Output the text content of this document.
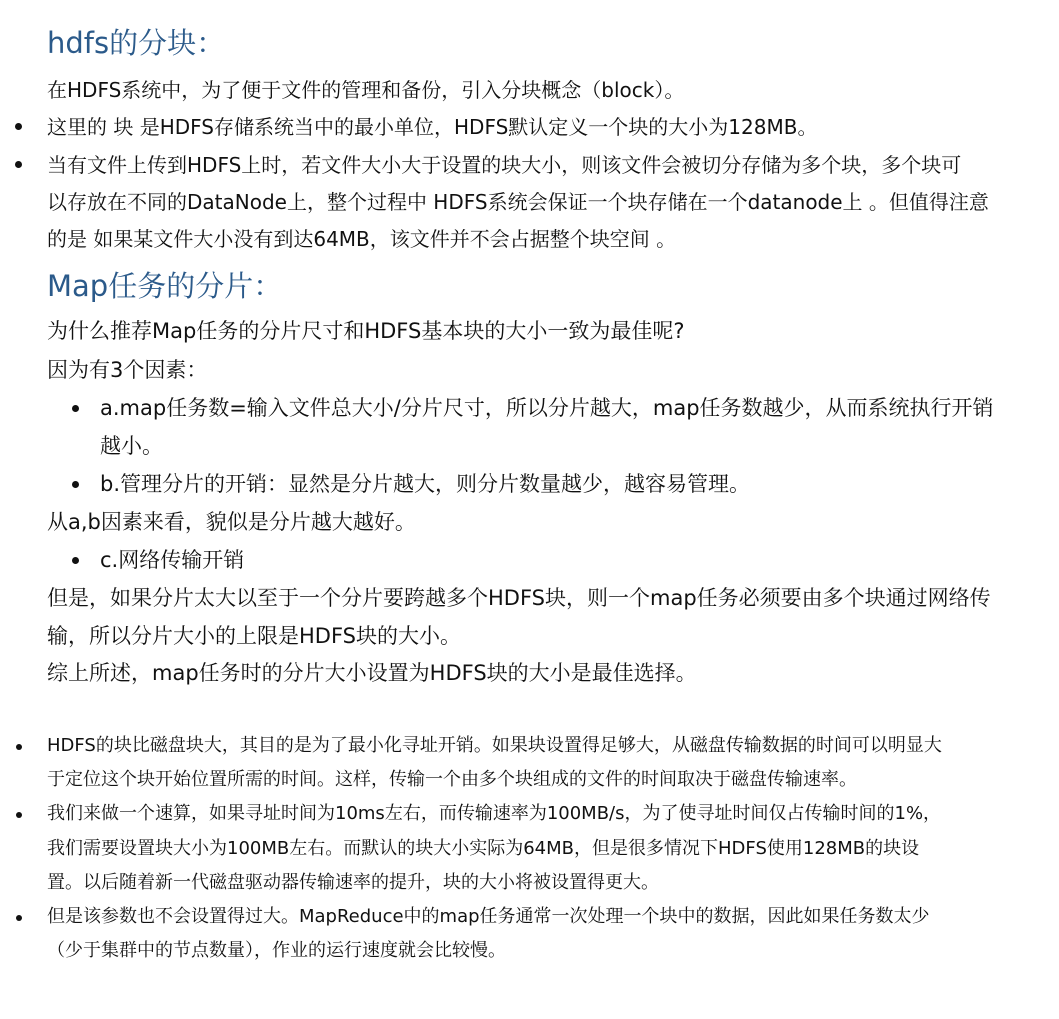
hdfs的分块：
在HDFS系统中，为了便于文件的管理和备份，引入分块概念（block）。
这里的 块 是HDFS存储系统当中的最小单位，HDFS默认定义一个块的大小为128MB。
当有文件上传到HDFS上时，若文件大小大于设置的块大小，则该文件会被切分存储为多个块，多个块可
以存放在不同的DataNode上，整个过程中 HDFS系统会保证一个块存储在一个datanode上 。但值得注意
的是 如果某文件大小没有到达64MB，该文件并不会占据整个块空间 。
Map任务的分片：
为什么推荐Map任务的分片尺寸和HDFS基本块的大小一致为最佳呢?
因为有3个因素：
a.map任务数=输入文件总大小/分片尺寸，所以分片越大，map任务数越少，从而系统执行开销
越小。
b.管理分片的开销：显然是分片越大，则分片数量越少，越容易管理。
从a,b因素来看，貌似是分片越大越好。
c.网络传输开销
但是，如果分片太大以至于一个分片要跨越多个HDFS块，则一个map任务必须要由多个块通过网络传
输，所以分片大小的上限是HDFS块的大小。
综上所述，map任务时的分片大小设置为HDFS块的大小是最佳选择。
HDFS的块比磁盘块大，其目的是为了最小化寻址开销。如果块设置得足够大，从磁盘传输数据的时间可以明显大
于定位这个块开始位置所需的时间。这样，传输一个由多个块组成的文件的时间取决于磁盘传输速率。
我们来做一个速算，如果寻址时间为10ms左右，而传输速率为100MB/s，为了使寻址时间仅占传输时间的1%，
我们需要设置块大小为100MB左右。而默认的块大小实际为64MB，但是很多情况下HDFS使用128MB的块设
置。以后随着新一代磁盘驱动器传输速率的提升，块的大小将被设置得更大。
但是该参数也不会设置得过大。MapReduce中的map任务通常一次处理一个块中的数据，因此如果任务数太少
（少于集群中的节点数量），作业的运行速度就会比较慢。
